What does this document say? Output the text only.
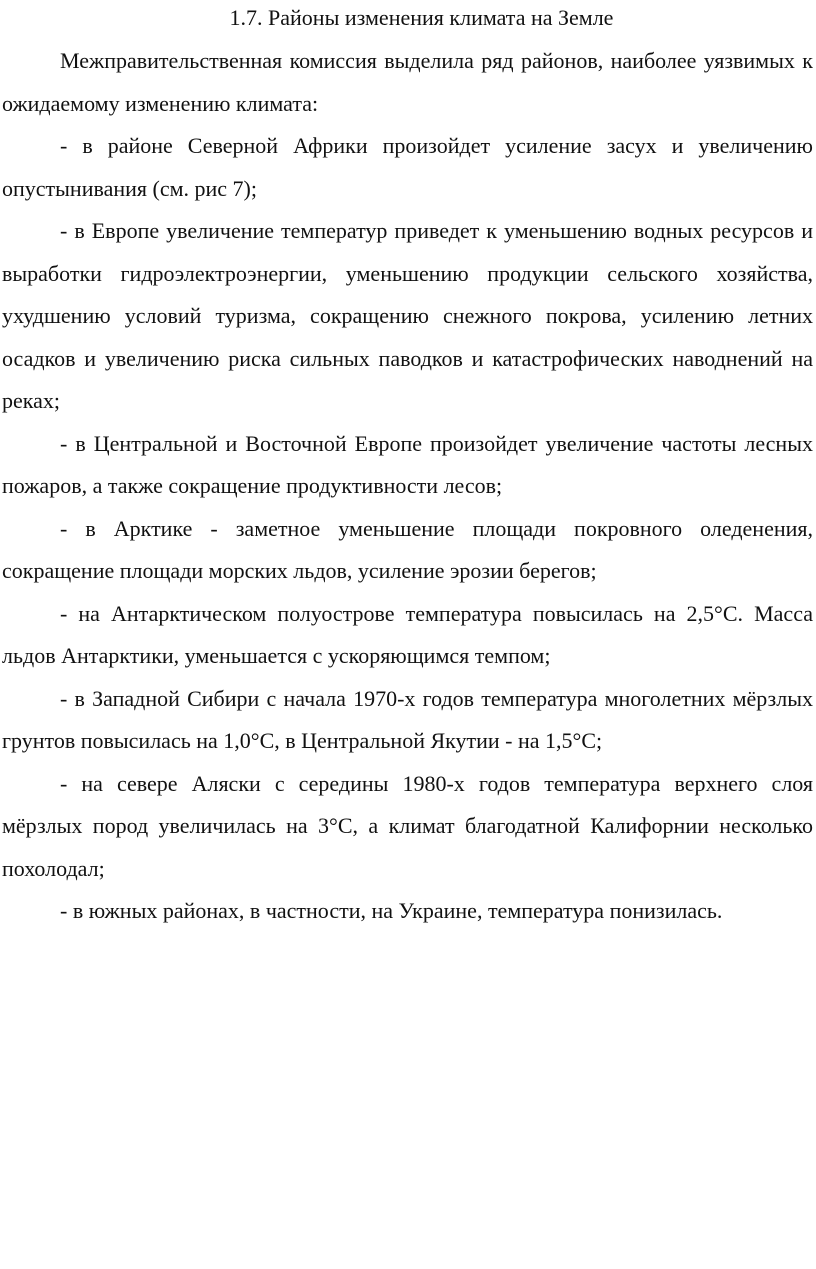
1.7. Районы изменения климата на Земле

Межправительственная комиссия выделила ряд районов, наиболее уязвимых к ожидаемому изменению климата:

- в районе Северной Африки произойдет усиление засух и увеличению опустынивания (см. рис 7);

- в Европе увеличение температур приведет к уменьшению водных ресурсов и выработки гидроэлектроэнергии, уменьшению продукции сельского хозяйства, ухудшению условий туризма, сокращению снежного покрова, усилению летних осадков и увеличению риска сильных паводков и катастрофических наводнений на реках;

- в Центральной и Восточной Европе произойдет увеличение частоты лесных пожаров, а также сокращение продуктивности лесов;

- в Арктике - заметное уменьшение площади покровного оледенения, сокращение площади морских льдов, усиление эрозии берегов;

- на Антарктическом полуострове температура повысилась на 2,5°С. Масса льдов Антарктики, уменьшается с ускоряющимся темпом;

- в Западной Сибири с начала 1970-х годов температура многолетних мёрзлых грунтов повысилась на 1,0°С, в Центральной Якутии - на 1,5°С;

- на севере Аляски с середины 1980-х годов температура верхнего слоя мёрзлых пород увеличилась на 3°С, а климат благодатной Калифорнии несколько похолодал;

- в южных районах, в частности, на Украине, температура понизилась.
